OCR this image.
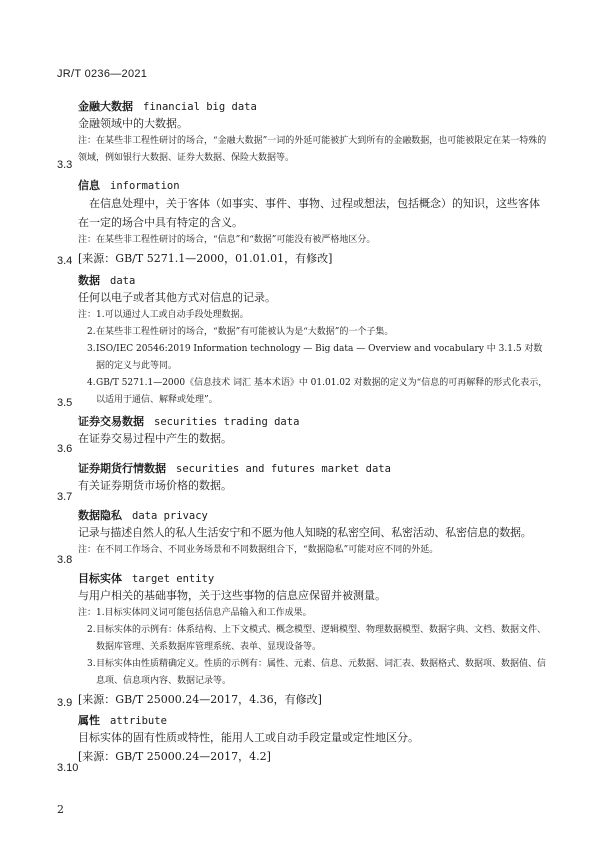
JR/T 0236—2021
金融大数据 financial big data
金融领域中的大数据。
注：在某些非工程性研讨的场合，“金融大数据”一词的外延可能被扩大到所有的金融数据，也可能被限定在某一特殊的领域，例如银行大数据、证券大数据、保险大数据等。
3.3
信息 information
在信息处理中，关于客体（如事实、事件、事物、过程或想法，包括概念）的知识，这些客体在一定的场合中具有特定的含义。
注：在某些非工程性研讨的场合，“信息”和“数据”可能没有被严格地区分。
[来源：GB/T 5271.1—2000，01.01.01，有修改]
3.4
数据 data
任何以电子或者其他方式对信息的记录。
注：1.可以通过人工或自动手段处理数据。
2. 在某些非工程性研讨的场合，“数据”有可能被认为是“大数据”的一个子集。
3. ISO/IEC 20546:2019 Information technology — Big data — Overview and vocabulary 中 3.1.5 对数据的定义与此等同。
4. GB/T 5271.1—2000《信息技术 词汇 基本术语》中 01.01.02 对数据的定义为“信息的可再解释的形式化表示，以适用于通信、解释或处理”。
3.5
证券交易数据 securities trading data
在证券交易过程中产生的数据。
3.6
证券期货行情数据 securities and futures market data
有关证券期货市场价格的数据。
3.7
数据隐私 data privacy
记录与描述自然人的私人生活安宁和不愿为他人知晓的私密空间、私密活动、私密信息的数据。
注：在不同工作场合、不同业务场景和不同数据组合下，“数据隐私”可能对应不同的外延。
3.8
目标实体 target entity
与用户相关的基础事物，关于这些事物的信息应保留并被测量。
注：1.目标实体同义词可能包括信息产品输入和工作成果。
2. 目标实体的示例有：体系结构、上下文模式、概念模型、逻辑模型、物理数据模型、数据字典、文档、数据文件、数据库管理、关系数据库管理系统、表单、显现设备等。
3. 目标实体由性质精确定义。性质的示例有：属性、元素、信息、元数据、词汇表、数据格式、数据项、数据值、信息项、信息项内容、数据记录等。
[来源：GB/T 25000.24—2017，4.36，有修改]
3.9
属性 attribute
目标实体的固有性质或特性，能用人工或自动手段定量或定性地区分。
[来源：GB/T 25000.24—2017，4.2]
3.10
2
